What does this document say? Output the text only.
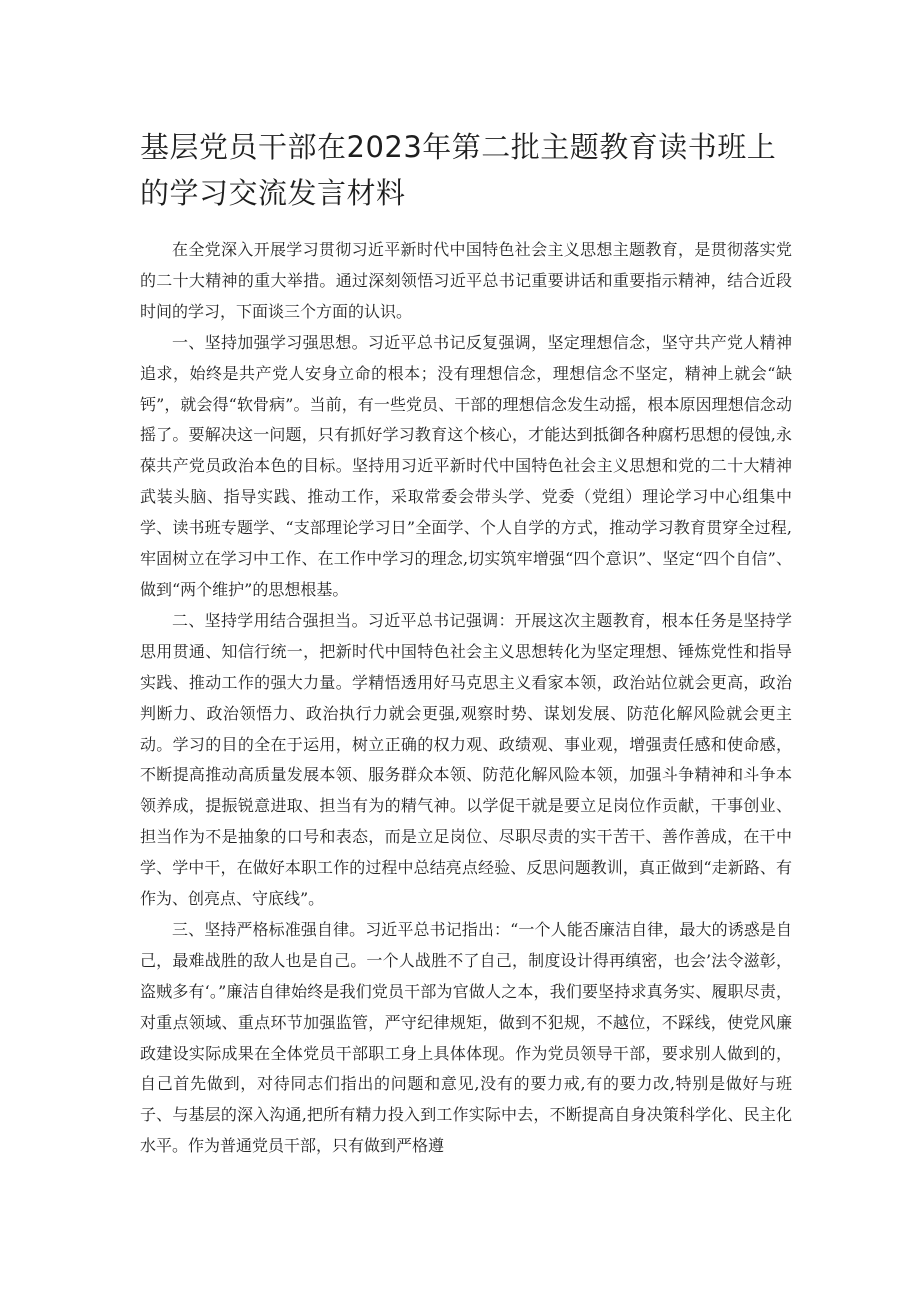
基层党员干部在2023年第二批主题教育读书班上的学习交流发言材料

在全党深入开展学习贯彻习近平新时代中国特色社会主义思想主题教育，是贯彻落实党的二十大精神的重大举措。通过深刻领悟习近平总书记重要讲话和重要指示精神，结合近段时间的学习，下面谈三个方面的认识。

一、坚持加强学习强思想。习近平总书记反复强调，坚定理想信念，坚守共产党人精神追求，始终是共产党人安身立命的根本；没有理想信念，理想信念不坚定，精神上就会“缺钙”，就会得“软骨病”。当前，有一些党员、干部的理想信念发生动摇，根本原因理想信念动摇了。要解决这一问题，只有抓好学习教育这个核心，才能达到抵御各种腐朽思想的侵蚀,永葆共产党员政治本色的目标。坚持用习近平新时代中国特色社会主义思想和党的二十大精神武装头脑、指导实践、推动工作，采取常委会带头学、党委（党组）理论学习中心组集中学、读书班专题学、“支部理论学习日”全面学、个人自学的方式，推动学习教育贯穿全过程,牢固树立在学习中工作、在工作中学习的理念,切实筑牢增强“四个意识”、坚定“四个自信”、做到“两个维护”的思想根基。

二、坚持学用结合强担当。习近平总书记强调：开展这次主题教育，根本任务是坚持学思用贯通、知信行统一，把新时代中国特色社会主义思想转化为坚定理想、锤炼党性和指导实践、推动工作的强大力量。学精悟透用好马克思主义看家本领，政治站位就会更高，政治判断力、政治领悟力、政治执行力就会更强,观察时势、谋划发展、防范化解风险就会更主动。学习的目的全在于运用，树立正确的权力观、政绩观、事业观，增强责任感和使命感，不断提高推动高质量发展本领、服务群众本领、防范化解风险本领，加强斗争精神和斗争本领养成，提振锐意进取、担当有为的精气神。以学促干就是要立足岗位作贡献，干事创业、担当作为不是抽象的口号和表态，而是立足岗位、尽职尽责的实干苦干、善作善成，在干中学、学中干，在做好本职工作的过程中总结亮点经验、反思问题教训，真正做到“走新路、有作为、创亮点、守底线”。

三、坚持严格标准强自律。习近平总书记指出：“一个人能否廉洁自律，最大的诱惑是自己，最难战胜的敌人也是自己。一个人战胜不了自己，制度设计得再缜密，也会’法令滋彰，盗贼多有‘。”廉洁自律始终是我们党员干部为官做人之本，我们要坚持求真务实、履职尽责，对重点领域、重点环节加强监管，严守纪律规矩，做到不犯规，不越位，不踩线，使党风廉政建设实际成果在全体党员干部职工身上具体体现。作为党员领导干部，要求别人做到的，自己首先做到，对待同志们指出的问题和意见,没有的要力戒,有的要力改,特别是做好与班子、与基层的深入沟通,把所有精力投入到工作实际中去，不断提高自身决策科学化、民主化水平。作为普通党员干部，只有做到严格遵
